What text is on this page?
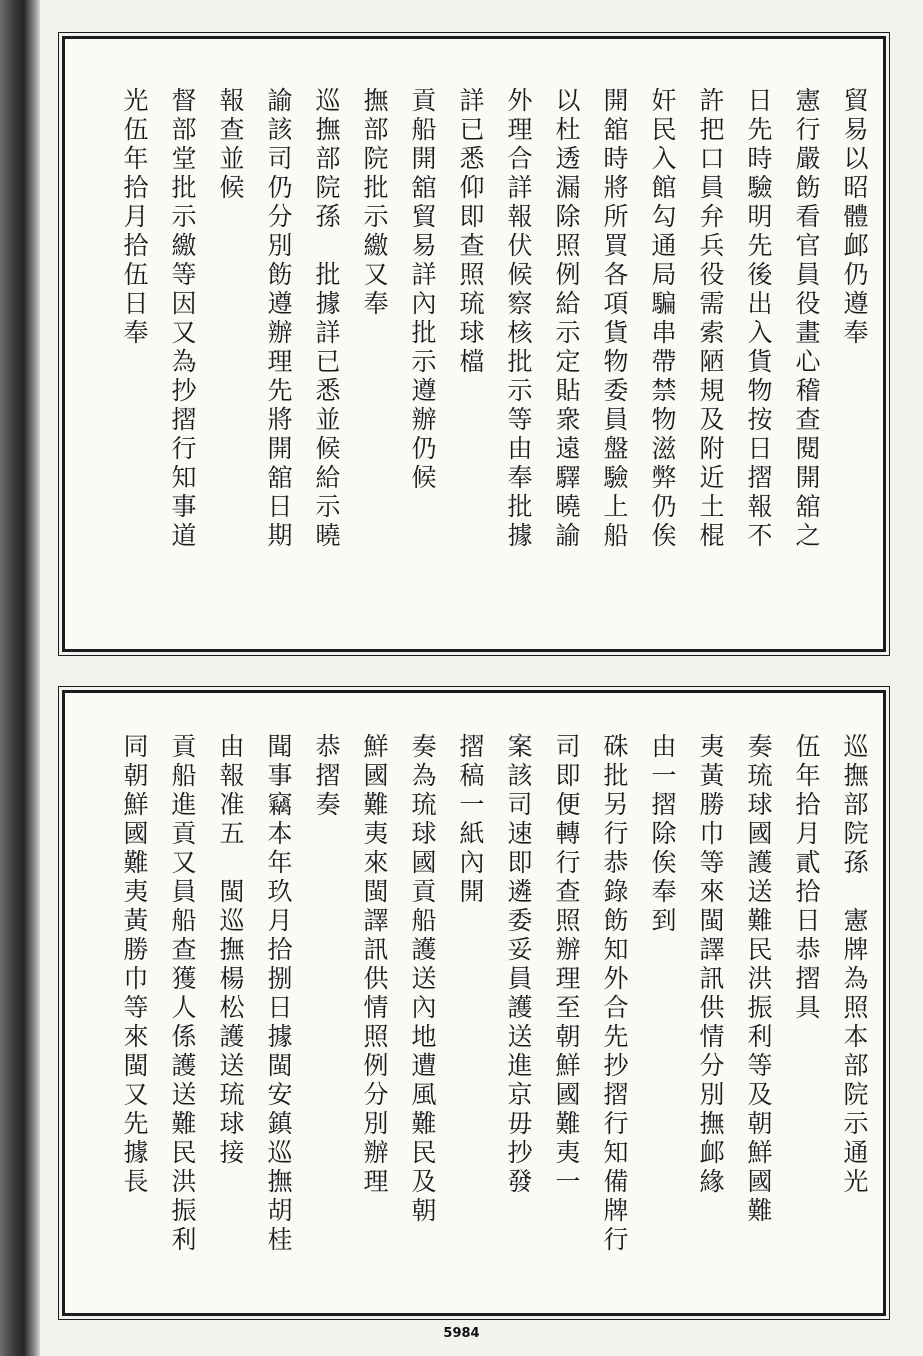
貿易以昭體䘏仍遵奉
憲行嚴飭看官員役畫心稽查閱開舘之
日先時驗明先後出入貨物按日摺報不
許把口員弁兵役需索陋規及附近土棍
奸民入館勾通局騙串帶禁物滋弊仍俟
開舘時將所買各項貨物委員盤驗上船
以杜透漏除照例給示定貼衆遠驛曉諭
外理合詳報伏候察核批示等由奉批據
詳已悉仰即查照琉球檔
貢船開舘貿易詳內批示遵辦仍候
撫部院批示繳又奉
巡撫部院孫　批據詳已悉並候給示曉
諭該司仍分別飭遵辦理先將開舘日期
報查並候
督部堂批示繳等因又為抄摺行知事道
光伍年拾月拾伍日奉
巡撫部院孫　憲牌為照本部院示通光
伍年拾月貳拾日恭摺具
奏琉球國護送難民洪振利等及朝鮮國難
夷黃勝巾等來閩譯訊供情分別撫䘏緣
由一摺除俟奉到
硃批另行恭錄飭知外合先抄摺行知備牌行
司即便轉行查照辦理至朝鮮國難夷一
案該司速即遴委妥員護送進京毋抄發
摺稿一紙內開
奏為琉球國貢船護送內地遭風難民及朝
鮮國難夷來閩譯訊供情照例分別辦理
恭摺奏
聞事竊本年玖月拾捌日據閩安鎮巡撫胡桂
由報准五　閩巡撫楊松護送琉球接
貢船進貢又員船查獲人係護送難民洪振利
同朝鮮國難夷黃勝巾等來閩又先據長
5984
